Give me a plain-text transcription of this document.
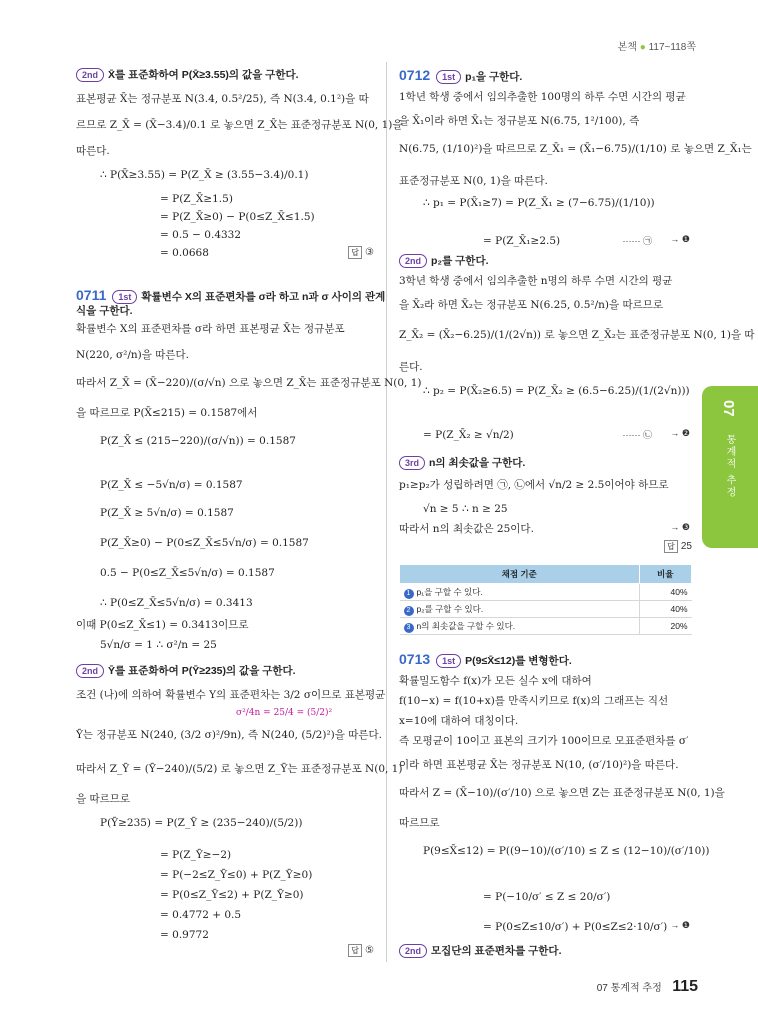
본책 ● 117~118쪽
2nd X̄를 표준화하여 P(X̄≥3.55)의 값을 구한다.
표본평균 X̄는 정규분포 N(3.4, 0.5²/25), 즉 N(3.4, 0.1²)을 따
르므로 Z_X̄ = (X̄−3.4)/0.1 로 놓으면 Z_X̄는 표준정규분포 N(0, 1)을
따른다.
∴ P(X̄≥3.55) = P(Z_X̄ ≥ (3.55−3.4)/0.1)
= P(Z_X̄≥1.5)
= P(Z_X̄≥0) − P(0≤Z_X̄≤1.5)
= 0.5 − 0.4332
= 0.0668	답 ③
0711 1st 확률변수 X의 표준편차를 σ라 하고 n과 σ 사이의 관계
식을 구한다.
확률변수 X의 표준편차를 σ라 하면 표본평균 X̄는 정규분포
N(220, σ²/n)을 따른다.
따라서 Z_X̄ = (X̄−220)/(σ/√n) 으로 놓으면 Z_X̄는 표준정규분포 N(0, 1)
을 따르므로 P(X̄≤215) = 0.1587에서
P(Z_X̄ ≤ (215−220)/(σ/√n)) = 0.1587
P(Z_X̄ ≤ −5√n/σ) = 0.1587
P(Z_X̄ ≥ 5√n/σ) = 0.1587
P(Z_X̄≥0) − P(0≤Z_X̄≤5√n/σ) = 0.1587
0.5 − P(0≤Z_X̄≤5√n/σ) = 0.1587
∴ P(0≤Z_X̄≤5√n/σ) = 0.3413
이때 P(0≤Z_X̄≤1) = 0.3413이므로
5√n/σ = 1 ∴ σ²/n = 25
2nd Ȳ를 표준화하여 P(Ȳ≥235)의 값을 구한다.
조건 (나)에 의하여 확률변수 Y의 표준편차는 3/2 σ이므로 표본평균
σ²/4n = 25/4 = (5/2)²
Ȳ는 정규분포 N(240, (3/2 σ)²/9n), 즉 N(240, (5/2)²)을 따른다.
따라서 Z_Ȳ = (Ȳ−240)/(5/2) 로 놓으면 Z_Ȳ는 표준정규분포 N(0, 1)
을 따르므로
P(Ȳ≥235) = P(Z_Ȳ ≥ (235−240)/(5/2))
= P(Z_Ȳ≥−2)
= P(−2≤Z_Ȳ≤0) + P(Z_Ȳ≥0)
= P(0≤Z_Ȳ≤2) + P(Z_Ȳ≥0)
= 0.4772 + 0.5
= 0.9772
답 ⑤
0712 1st p₁을 구한다.
1학년 학생 중에서 임의추출한 100명의 하루 수면 시간의 평균
을 X̄₁이라 하면 X̄₁는 정규분포 N(6.75, 1²/100), 즉
N(6.75, (1/10)²)을 따르므로 Z_X̄₁ = (X̄₁−6.75)/(1/10) 로 놓으면 Z_X̄₁는
표준정규분포 N(0, 1)을 따른다.
∴ p₁ = P(X̄₁≥7) = P(Z_X̄₁ ≥ (7−6.75)/(1/10))
= P(Z_X̄₁≥2.5)	······ ㉠ → ❶
2nd p₂를 구한다.
3학년 학생 중에서 임의추출한 n명의 하루 수면 시간의 평균
을 X̄₂라 하면 X̄₂는 정규분포 N(6.25, 0.5²/n)을 따르므로
Z_X̄₂ = (X̄₂−6.25)/(1/(2√n)) 로 놓으면 Z_X̄₂는 표준정규분포 N(0, 1)을 따
른다.
∴ p₂ = P(X̄₂≥6.5) = P(Z_X̄₂ ≥ (6.5−6.25)/(1/(2√n)))
= P(Z_X̄₂ ≥ √n/2)	······ ㉡ → ❷
3rd n의 최솟값을 구한다.
p₁≥p₂가 성립하려면 ㉠, ㉡에서 √n/2 ≥ 2.5이어야 하므로
√n ≥ 5 ∴ n ≥ 25
따라서 n의 최솟값은 25이다.	→ ❸
답 25
채점 기준	비율
1 p₁을 구할 수 있다.	40%
2 p₂를 구할 수 있다.	40%
3 n의 최솟값을 구할 수 있다.	20%
0713 1st P(9≤X̄≤12)를 변형한다.
확률밀도함수 f(x)가 모든 실수 x에 대하여
f(10−x) = f(10+x)를 만족시키므로 f(x)의 그래프는 직선
x=10에 대하여 대칭이다.
즉 모평균이 10이고 표본의 크기가 100이므로 모표준편차를 σ′
이라 하면 표본평균 X̄는 정규분포 N(10, (σ′/10)²)을 따른다.
따라서 Z = (X̄−10)/(σ′/10) 으로 놓으면 Z는 표준정규분포 N(0, 1)을
따르므로
P(9≤X̄≤12) = P((9−10)/(σ′/10) ≤ Z ≤ (12−10)/(σ′/10))
= P(−10/σ′ ≤ Z ≤ 20/σ′)
= P(0≤Z≤10/σ′) + P(0≤Z≤2·10/σ′) → ❶
2nd 모집단의 표준편차를 구한다.
07
통계적 추정
07 통계적 추정 115
